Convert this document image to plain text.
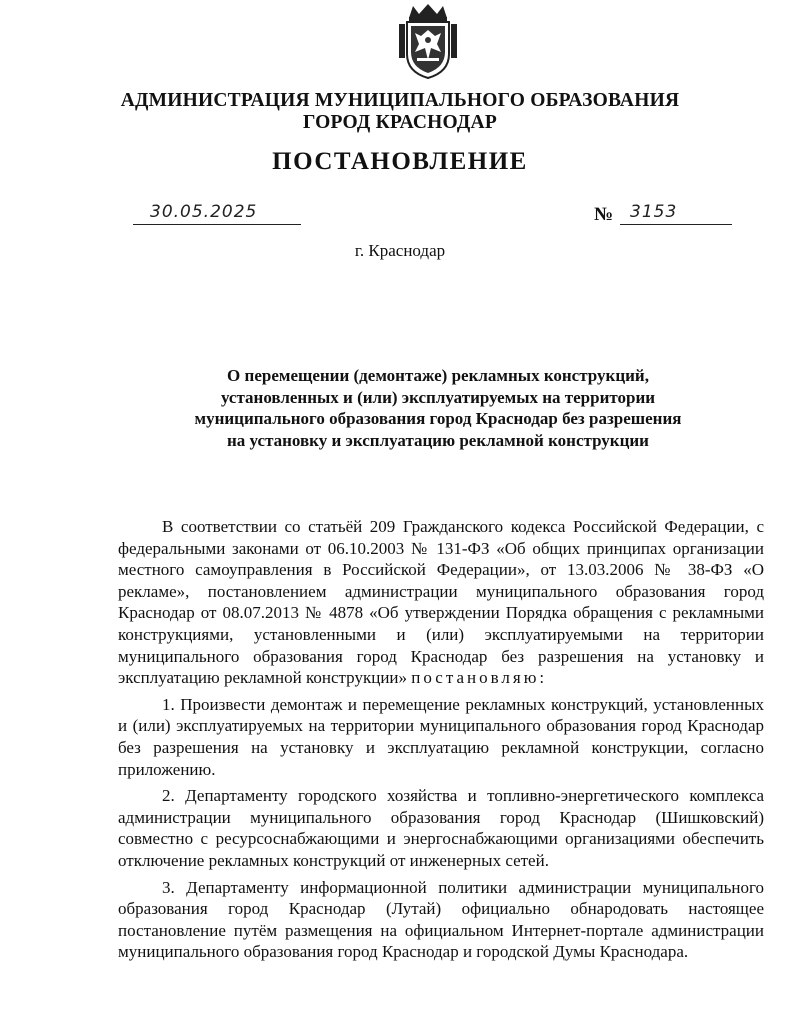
АДМИНИСТРАЦИЯ МУНИЦИПАЛЬНОГО ОБРАЗОВАНИЯ
ГОРОД КРАСНОДАР
ПОСТАНОВЛЕНИЕ
30.05.2025	№ 3153
г. Краснодар
О перемещении (демонтаже) рекламных конструкций,
установленных и (или) эксплуатируемых на территории
муниципального образования город Краснодар без разрешения
на установку и эксплуатацию рекламной конструкции

В соответствии со статьёй 209 Гражданского кодекса Российской Федерации, с федеральными законами от 06.10.2003 № 131-ФЗ «Об общих принципах организации местного самоуправления в Российской Федерации», от 13.03.2006 № 38-ФЗ «О рекламе», постановлением администрации муниципального образования город Краснодар от 08.07.2013 № 4878 «Об утверждении Порядка обращения с рекламными конструкциями, установленными и (или) эксплуатируемыми на территории муниципального образования город Краснодар без разрешения на установку и эксплуатацию рекламной конструкции» постановляю:

1. Произвести демонтаж и перемещение рекламных конструкций, установленных и (или) эксплуатируемых на территории муниципального образования город Краснодар без разрешения на установку и эксплуатацию рекламной конструкции, согласно приложению.

2. Департаменту городского хозяйства и топливно-энергетического комплекса администрации муниципального образования город Краснодар (Шишковский) совместно с ресурсоснабжающими и энергоснабжающими организациями обеспечить отключение рекламных конструкций от инженерных сетей.

3. Департаменту информационной политики администрации муниципального образования город Краснодар (Лутай) официально обнародовать настоящее постановление путём размещения на официальном Интернет-портале администрации муниципального образования город Краснодар и городской Думы Краснодара.
